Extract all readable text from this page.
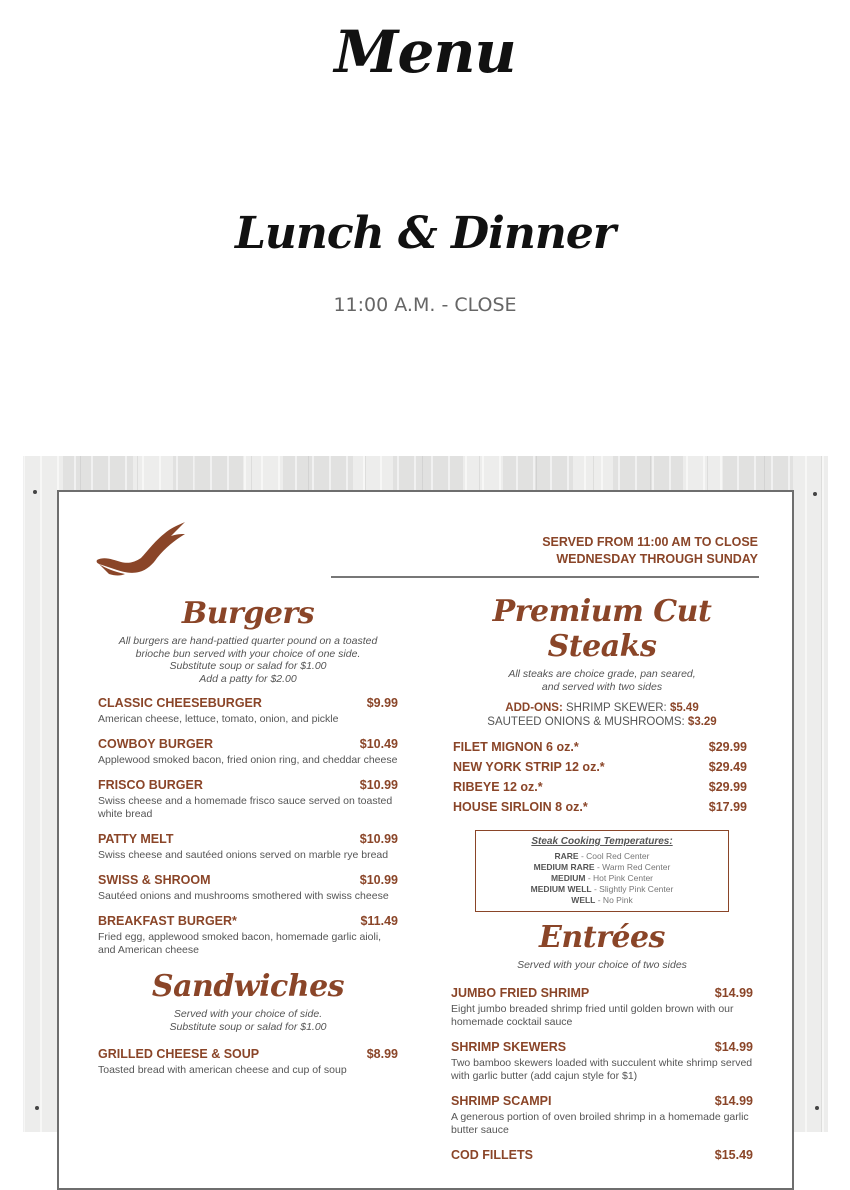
Menu
Lunch & Dinner
11:00 A.M. - CLOSE
SERVED FROM 11:00 AM TO CLOSE
WEDNESDAY THROUGH SUNDAY
Burgers
All burgers are hand-pattied quarter pound on a toasted
brioche bun served with your choice of one side.
Substitute soup or salad for $1.00
Add a patty for $2.00
CLASSIC CHEESEBURGER	$9.99
American cheese, lettuce, tomato, onion, and pickle
COWBOY BURGER	$10.49
Applewood smoked bacon, fried onion ring, and cheddar cheese
FRISCO BURGER	$10.99
Swiss cheese and a homemade frisco sauce served on toasted white bread
PATTY MELT	$10.99
Swiss cheese and sautéed onions served on marble rye bread
SWISS & SHROOM	$10.99
Sautéed onions and mushrooms smothered with swiss cheese
BREAKFAST BURGER*	$11.49
Fried egg, applewood smoked bacon, homemade garlic aioli, and American cheese
Sandwiches
Served with your choice of side.
Substitute soup or salad for $1.00
GRILLED CHEESE & SOUP	$8.99
Toasted bread with american cheese and cup of soup
Premium Cut Steaks
All steaks are choice grade, pan seared,
and served with two sides
ADD-ONS: SHRIMP SKEWER: $5.49
SAUTEED ONIONS & MUSHROOMS: $3.29
FILET MIGNON 6 oz.*	$29.99
NEW YORK STRIP 12 oz.*	$29.49
RIBEYE 12 oz.*	$29.99
HOUSE SIRLOIN 8 oz.*	$17.99
Steak Cooking Temperatures:
RARE - Cool Red Center
MEDIUM RARE - Warm Red Center
MEDIUM - Hot Pink Center
MEDIUM WELL - Slightly Pink Center
WELL - No Pink
Entrées
Served with your choice of two sides
JUMBO FRIED SHRIMP	$14.99
Eight jumbo breaded shrimp fried until golden brown with our homemade cocktail sauce
SHRIMP SKEWERS	$14.99
Two bamboo skewers loaded with succulent white shrimp served with garlic butter (add cajun style for $1)
SHRIMP SCAMPI	$14.99
A generous portion of oven broiled shrimp in a homemade garlic butter sauce
COD FILLETS	$15.49
